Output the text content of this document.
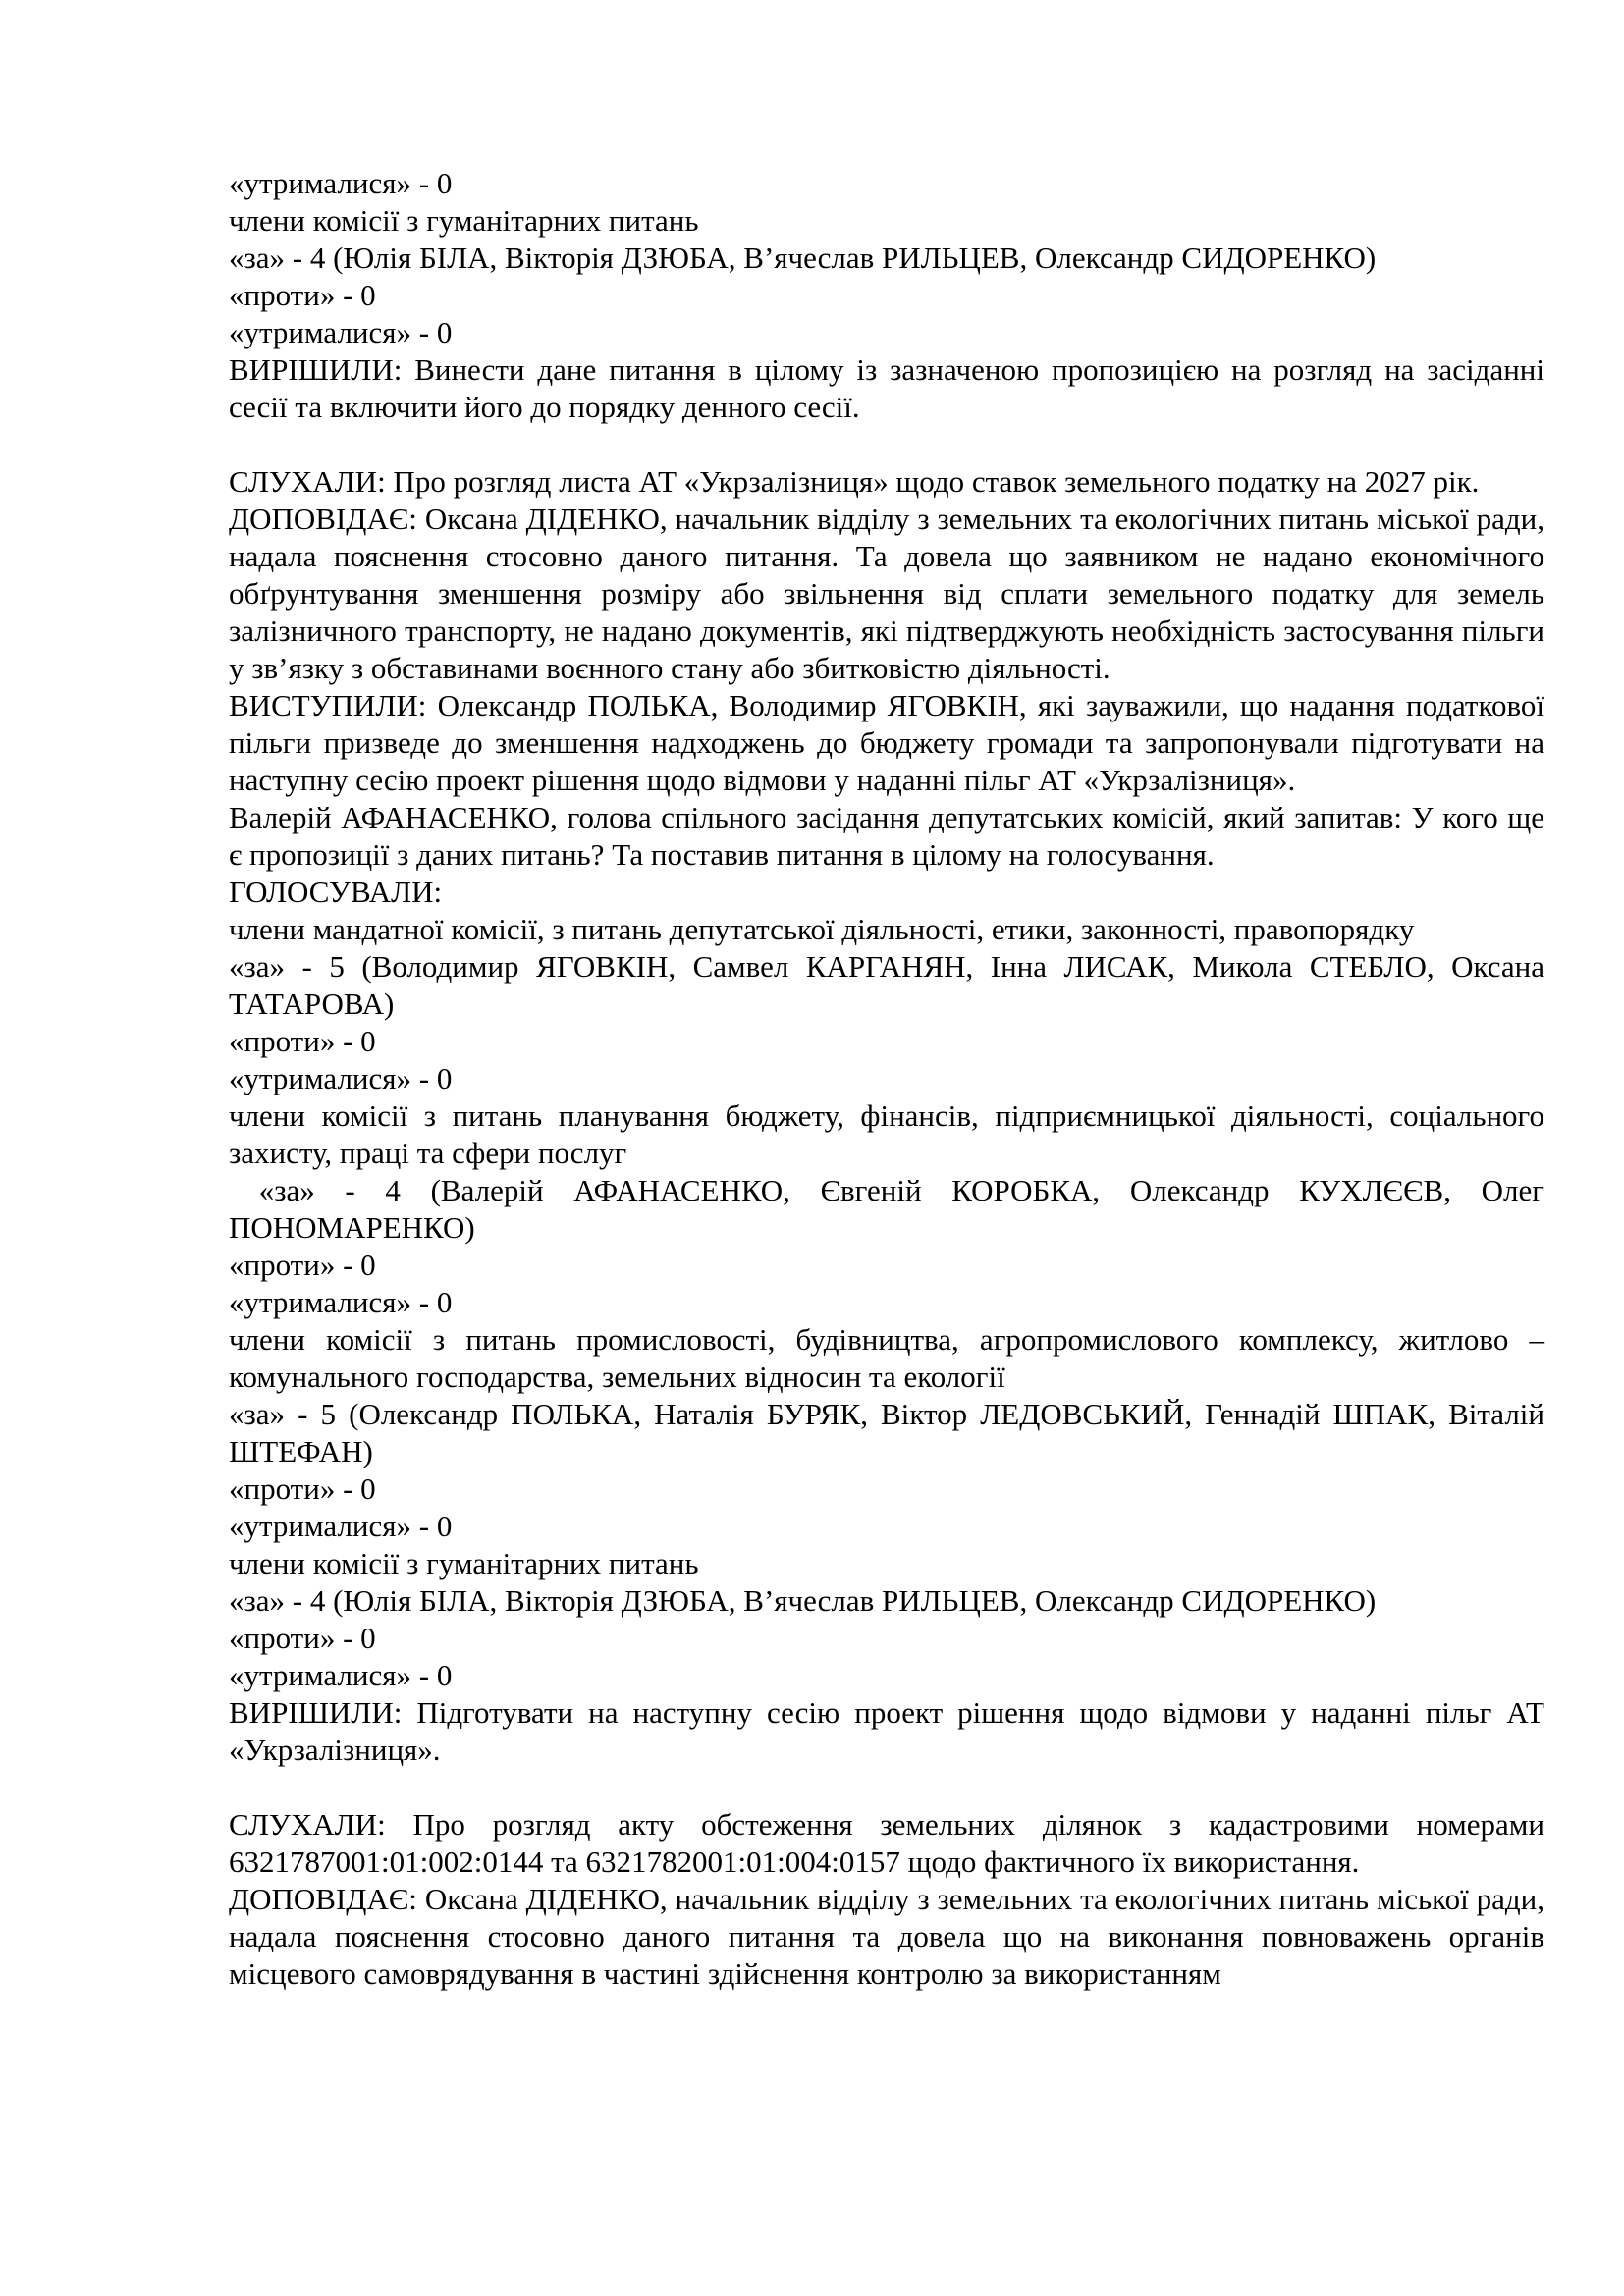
«утрималися» - 0

члени комісії з гуманітарних питань

«за» - 4 (Юлія БІЛА, Вікторія ДЗЮБА, В’ячеслав РИЛЬЦЕВ, Олександр СИДОРЕНКО)

«проти» - 0

«утрималися» - 0

ВИРІШИЛИ: Винести дане питання в цілому із зазначеною пропозицією на розгляд на засіданні сесії та включити його до порядку денного сесії.

СЛУХАЛИ: Про розгляд листа АТ «Укрзалізниця» щодо ставок земельного податку на 2027 рік.

ДОПОВІДАЄ: Оксана ДІДЕНКО, начальник відділу з земельних та екологічних питань міської ради, надала пояснення стосовно даного питання. Та довела що заявником не надано економічного обґрунтування зменшення розміру або звільнення від сплати земельного податку для земель залізничного транспорту, не надано документів, які підтверджують необхідність застосування пільги у зв’язку з обставинами воєнного стану або збитковістю діяльності.

ВИСТУПИЛИ: Олександр ПОЛЬКА, Володимир ЯГОВКІН, які зауважили, що надання податкової пільги призведе до зменшення надходжень до бюджету громади та запропонували підготувати на наступну сесію проект рішення щодо відмови у наданні пільг АТ «Укрзалізниця».

Валерій АФАНАСЕНКО, голова спільного засідання депутатських комісій, який запитав: У кого ще є пропозиції з даних питань? Та поставив питання в цілому на голосування.

ГОЛОСУВАЛИ:

члени мандатної комісії, з питань депутатської діяльності, етики, законності, правопорядку

«за» - 5 (Володимир ЯГОВКІН, Самвел КАРГАНЯН, Інна ЛИСАК, Микола СТЕБЛО, Оксана ТАТАРОВА)

«проти» - 0

«утрималися» - 0

члени комісії з питань планування бюджету, фінансів, підприємницької діяльності, соціального захисту, праці та сфери послуг

«за» - 4 (Валерій АФАНАСЕНКО, Євгеній КОРОБКА, Олександр КУХЛЄЄВ, Олег ПОНОМАРЕНКО)

«проти» - 0

«утрималися» - 0

члени комісії з питань промисловості, будівництва, агропромислового комплексу, житлово – комунального господарства, земельних відносин та екології

«за» - 5 (Олександр ПОЛЬКА, Наталія БУРЯК, Віктор ЛЕДОВСЬКИЙ, Геннадій ШПАК, Віталій ШТЕФАН)

«проти» - 0

«утрималися» - 0

члени комісії з гуманітарних питань

«за» - 4 (Юлія БІЛА, Вікторія ДЗЮБА, В’ячеслав РИЛЬЦЕВ, Олександр СИДОРЕНКО)

«проти» - 0

«утрималися» - 0

ВИРІШИЛИ: Підготувати на наступну сесію проект рішення щодо відмови у наданні пільг АТ «Укрзалізниця».

СЛУХАЛИ: Про розгляд акту обстеження земельних ділянок з кадастровими номерами 6321787001:01:002:0144 та 6321782001:01:004:0157 щодо фактичного їх використання.

ДОПОВІДАЄ: Оксана ДІДЕНКО, начальник відділу з земельних та екологічних питань міської ради, надала пояснення стосовно даного питання та довела що на виконання повноважень органів місцевого самоврядування в частині здійснення контролю за використанням
